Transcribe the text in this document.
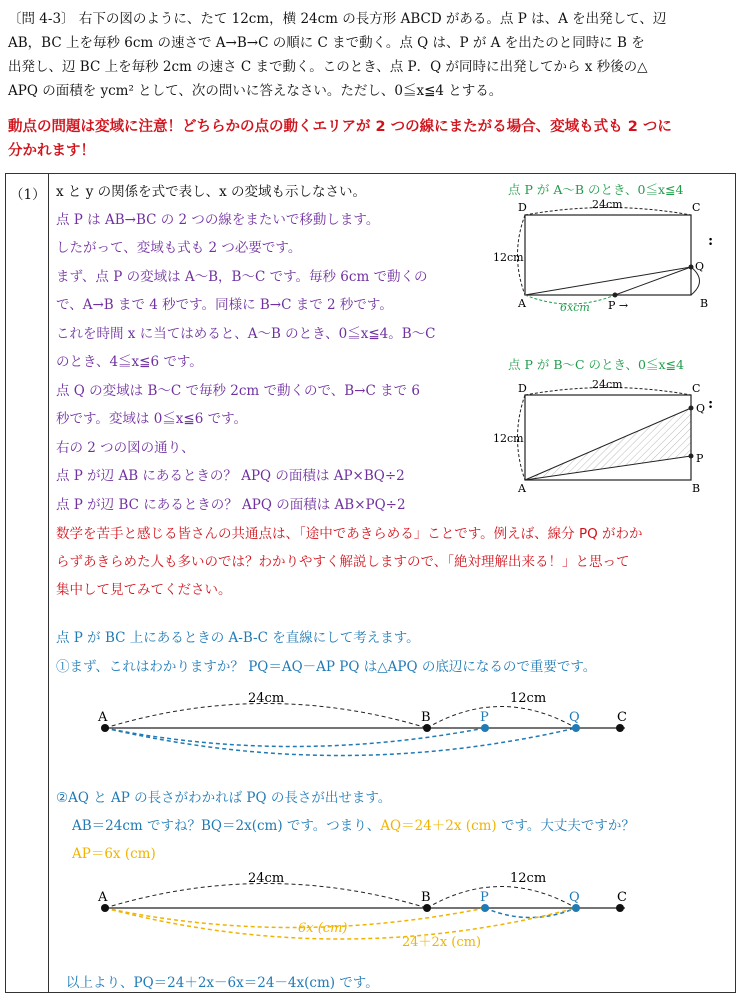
〔問 4-3〕 右下の図のように、たて 12cm，横 24cm の長方形 ABCD がある。点 P は、A を出発して、辺
AB，BC 上を毎秒 6cm の速さで A→B→C の順に C まで動く。点 Q は、P が A を出たのと同時に B を
出発し、辺 BC 上を毎秒 2cm の速さ C まで動く。このとき、点 P．Q が同時に出発してから x 秒後の△
APQ の面積を ycm² として、次の問いに答えなさい。ただし、0≦x≦4 とする。
動点の問題は変域に注意！どちらかの点の動くエリアが 2 つの線にまたがる場合、変域も式も 2 つに
分かれます！
（1） x と y の関係を式で表し、x の変域も示しなさい。
点 P は AB→BC の 2 つの線をまたいで移動します。
したがって、変域も式も 2 つ必要です。
まず、点 P の変域は A～B，B～C です。毎秒 6cm で動くの
で、A→B まで 4 秒です。同様に B→C まで 2 秒です。
これを時間 x に当てはめると、A～B のとき、0≦x≦4。B～C
のとき、4≦x≦6 です。
点 Q の変域は B～C で毎秒 2cm で動くので、B→C まで 6
秒です。変域は 0≦x≦6 です。
右の 2 つの図の通り、
点 P が辺 AB にあるときの？ APQ の面積は AP×BQ÷2
点 P が辺 BC にあるときの？ APQ の面積は AB×PQ÷2
数学を苦手と感じる皆さんの共通点は、「途中であきらめる」ことです。例えば、線分 PQ がわか
らずあきらめた人も多いのでは？わかりやすく解説しますので、「絶対理解出来る！」と思って
集中して見てみてください。
点 P が BC 上にあるときの A-B-C を直線にして考えます。
①まず、これはわかりますか？ PQ＝AQ－AP PQ は△APQ の底辺になるので重要です。
②AQ と AP の長さがわかれば PQ の長さが出せます。
AB＝24cm ですね？BQ＝2x(cm) です。つまり、AQ＝24＋2x (cm) です。大丈夫ですか？
AP＝6x (cm)
以上より、PQ＝24＋2x－6x＝24－4x(cm) です。
点 P が A～B のとき、0≦x≦4
点 P が B～C のとき、0≦x≦4
D	C
A	B
Q
P →
24cm
12cm
6xcm
:
D	C
A	B
Q
P
24cm
12cm
:
A	B	P	Q	C
24cm	12cm
A	B	P	Q	C
24cm	12cm
6x (cm)
24＋2x (cm)
